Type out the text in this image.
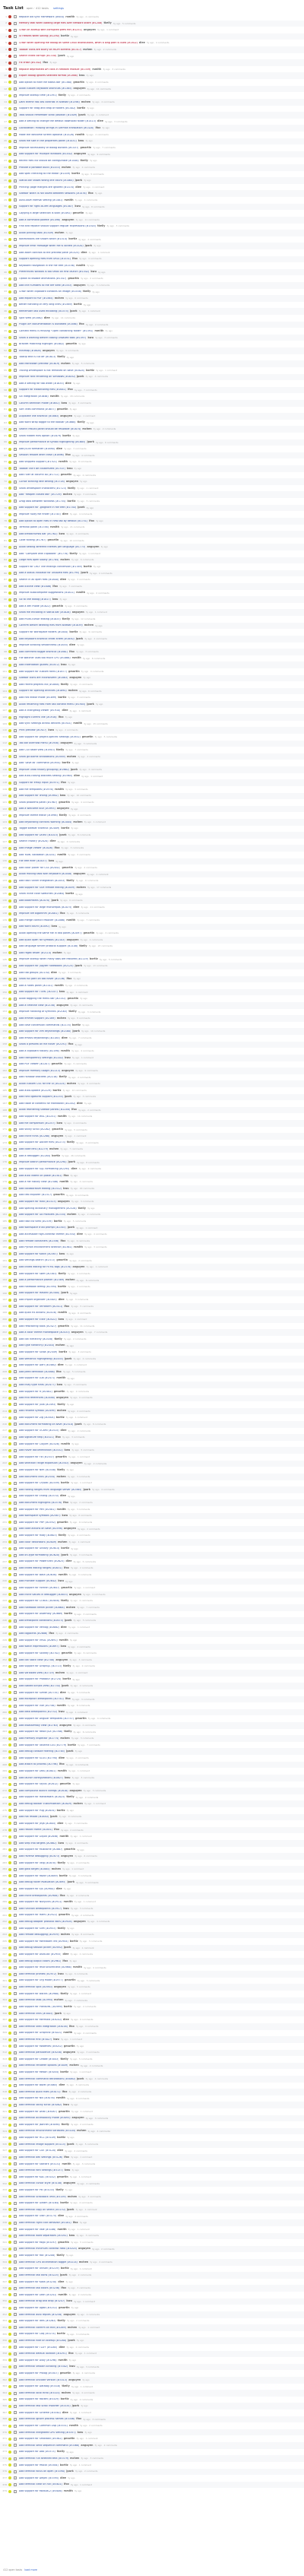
Task List open · 412 tasks settings
1	Replace old sync framework (#654) rsmith 3y ago · 2 comments
2	Memory leak when loading large files over network share (#1208) tkelly 3y ago · 5 comments
3	Crash on startup with corrupted prefs file (#1251) anguyen 3y ago · 1 comment
4	UI freezes when saving (#1290) bortiz 3y ago
5	Crash when opening file dialog on some Linux distributions, when a long path is used (#1302) dlee 3y ago · 4 comments
6	Toolbar icons are blurry on HiDPI screens (#1317) mchen 3y ago · 2 comments
7	Search index corrupt (#1330) jpark 3y ago
8	Fix crash (#1342) lfox 3y ago
9	Replace deprecated API calls in network module (#1359) rsmith 3y ago · 3 comments
10	Export dialog ignores selected format (#1366) kwu 3y ago
11	Add option to hide the status bar (#1380) gmartin 3y ago · 6 comments
12	Allow custom keyboard shortcuts (#1385) anguyen 3y ago · 12 comments
13	Improve startup time (#1391) tkelly 3y ago · 2 comments
14	Dark theme has low contrast in sidebar (#1398) mchen 3y ago · 4 comments
15	Support for drag and drop of folders (#1402) bortiz 3y ago
16	Tabs should remember scroll position (#1409) jpark 3y ago · 1 comment
17	Add a setting to change the default download folder (#1413) dlee 3y ago · 3 comments
18	Localization: missing strings in German translation (#1420) lfox 3y ago
19	Make the welcome screen optional (#1426) rsmith 3y ago · 2 comments
20	Show file size in the properties panel (#1431) kwu 3y ago
21	Improve accessibility of dialog buttons (#1437) gmartin 3y ago · 7 comments
22	Add support for multiple windows (#1442) anguyen 3y ago · 9 comments
23	Recent files list should be configurable (#1448) tkelly 3y ago
24	Provide a portable build (#1453) mchen 3y ago · 2 comments
25	Add spell checking to the editor (#1459) bortiz 3y ago · 5 comments
26	Status bar shows wrong line count (#1464) jpark 3y ago
27	Printing: page margins are ignored (#1470) dlee 3y ago · 1 comment
28	Sidebar width is not saved between sessions (#1476) lfox 3y ago
29	Auto-save interval setting (#1481) rsmith 3y ago · 4 comments
30	Support for right-to-left languages (#1487) kwu 3y ago · 8 comments
31	Copying a large selection is slow (#1492) gmartin 3y ago
32	Add a command palette (#1498) anguyen 3y ago · 11 comments
33	Find and replace should support regular expressions (#1503) tkelly 3y ago · 3 comments
34	Allow pinning tabs (#1509) mchen 3y ago
35	Notifications are shown twice (#1514) bortiz 3y ago · 2 comments
36	Improve error message when file is locked (#1520) jpark 3y ago
37	Add zoom controls to the preview pane (#1525) dlee 3y ago · 1 comment
38	Support opening files from URLs (#1531) lfox 3y ago · 4 comments
39	Keyboard navigation in the file tree (#1536) rsmith 3y ago
40	Preferences window is too small on first launch (#1542) kwu 3y ago
41	Option to disable animations (#1547) gmartin 3y ago · 2 comments
42	Add line numbers to the diff view (#1553) anguyen 3y ago · 3 comments
43	Crash when clipboard contains an image (#1558) tkelly 3y ago
44	Add export to PDF (#1564) mchen 3y ago · 6 comments
45	Better handling of very long lines (#1569) bortiz 3y ago
46	Remember last used encoding (#1575) jpark 3y ago · 1 comment
47	Split view (#1580) dlee 3y ago · 14 comments
48	Plugin API documentation is outdated (#1586) lfox 3y ago · 2 comments
49	Context menu is missing "Open containing folder" (#1591) rsmith 3y ago
50	Show a warning before closing unsaved tabs (#1597) kwu 3y ago · 3 comments
51	Bracket matching highlight (#1602) gmartin 3y ago
52	Minimap (#1608) anguyen 3y ago · 9 comments
53	Tooltip text is cut off (#1613) tkelly 3y ago
54	Add Markdown preview (#1619) mchen 3y ago · 5 comments
55	Trailing whitespace is not removed on save (#1624) bortiz 3y ago · 1 comment
56	Improve font rendering on Windows (#1630) jpark 3y ago · 4 comments
57	Add a setting for tab width (#1635) dlee 3y ago
58	Support for editorconfig files (#1641) lfox 3y ago · 7 comments
59	Git integration (#1646) rsmith 3y ago · 18 comments
60	Column selection mode (#1652) kwu 3y ago · 3 comments
61	Sort lines command (#1657) gmartin 3y ago
62	Duplicate line shortcut (#1663) anguyen 3y ago · 1 comment
63	Add word wrap toggle to the toolbar (#1668) tkelly 3y ago
64	Search results panel should be resizable (#1674) mchen 3y ago · 2 comments
65	Show hidden files option (#1679) bortiz 3y ago
66	Improve performance of syntax highlighting (#1685) jpark 3y ago · 6 comments
67	Add JSON formatter (#1690) dlee 3y ago · 3 comments
68	Session restore after crash (#1696) lfox 3y ago · 4 comments
69	Add snippets support (#1701) rsmith 3y ago · 8 comments
70	Toolbar can't be customized (#1707) kwu 3y ago
71	Add ruler at column 80 (#1712) gmartin 3y ago · 2 comments
72	Cursor blinking rate setting (#1718) anguyen 3y ago
73	Show whitespace characters (#1723) tkelly 3y ago · 1 comment
74	Add "Reopen closed tab" (#1729) mchen 3y ago · 3 comments
75	Drag tabs between windows (#1734) bortiz 3y ago · 5 comments
76	Add support for .gitignore in file tree (#1740) jpark 3y ago
77	Improve fuzzy file finder (#1745) dlee 3y ago · 4 comments
78	Add option to open files in new tab by default (#1751) lfox 3y ago
79	Terminal panel (#1756) rsmith 3y ago · 21 comments
80	Add breadcrumbs bar (#1762) kwu 3y ago · 2 comments
81	Code folding (#1767) gmartin 3y ago · 10 comments
82	Allow setting different themes per language (#1773) anguyen 3y ago
83	Add "Compare with clipboard" (#1778) tkelly 3y ago · 1 comment
84	Large files open slowly (#1784) mchen 3y ago · 6 comments
85	Support for CRLF line endings conversion (#1789) bortiz 3y ago
86	Add a status indicator for unsaved files (#1795) jpark 3y ago · 2 comments
87	Search in all open files (#1800) dlee 3y ago · 3 comments
88	Add outline view (#1806) lfox 3y ago · 7 comments
89	Improve autocomplete suggestions (#1811) rsmith 3y ago · 4 comments
90	Go to line dialog (#1817) kwu 3y ago
91	Add a zen mode (#1822) gmartin 3y ago · 5 comments
92	Show file encoding in status bar (#1828) anguyen 3y ago · 1 comment
93	Add multi-cursor editing (#1833) tkelly 3y ago · 12 comments
94	Confirm before deleting files from sidebar (#1839) mchen 3y ago
95	Support for workspace folders (#1844) bortiz 3y ago · 9 comments
96	Add keyboard shortcut cheat sheet (#1850) jpark 3y ago · 2 comments
97	Improve scrolling smoothness (#1855) dlee 3y ago
98	Add comment toggle shortcut (#1861) lfox 3y ago · 3 comments
99	File watcher uses too much CPU (#1866) rsmith 3y ago · 8 comments
100	Add indentation guides (#1872) kwu 3y ago
101	Add support for custom fonts (#1877) gmartin 3y ago · 4 comments
102	Sidebar icons are inconsistent (#1883) anguyen 3y ago
103	Add recent projects list (#1888) tkelly 3y ago · 2 comments
104	Support for opening archives (#1894) mchen 3y ago · 6 comments
105	Add hex editor mode (#1899) bortiz 3y ago · 3 comments
106	Allow renaming files from tab context menu (#1905) jpark 3y ago
107	Add a changelog viewer (#1910) dlee 3y ago · 1 comment
108	Highlight current line (#1916) lfox 3y ago
109	Add sync settings across devices (#1921) rsmith 3y ago · 15 comments
110	Print preview (#1927) kwu 3y ago · 2 comments
111	Add support for project-specific settings (#1932) gmartin 3y ago · 5 comments
112	Tab bar overflow menu (#1938) anguyen 3y ago · 3 comments
113	Add CSV table view (#1943) tkelly 3y ago · 7 comments
114	Show git blame annotations (#1949) mchen 3y ago · 4 comments
115	Add 'Save all' command (#1954) bortiz 3y ago
116	Improve undo history grouping (#1960) jpark 3y ago · 2 comments
117	Add auto-closing brackets setting (#1965) dlee 3y ago · 1 comment
118	Support for emoji input (#1971) lfox 3y ago
119	Add file templates (#1976) rsmith 3y ago · 3 comments
120	Add support for linting (#1982) kwu 3y ago · 10 comments
121	Show problems panel (#1987) gmartin 3y ago · 4 comments
122	Add a welcome tour (#1993) anguyen 3y ago
123	Improve theme editor (#1998) tkelly 3y ago · 6 comments
124	Add keybinding conflicts warning (#2004) mchen 3y ago · 1 comment
125	Toggle sidebar shortcut (#2009) bortiz 3y ago
126	Add support for LaTeX (#2015) jpark 3y ago · 8 comments
127	Search history (#2020) dlee 3y ago · 2 comments
128	Add image viewer (#2026) lfox 3y ago · 3 comments
129	Add YAML validation (#2031) rsmith 3y ago · 5 comments
130	File tree filter (#2037) kwu 3y ago
131	Add color picker for CSS (#2042) gmartin 3y ago · 4 comments
132	Allow moving tabs with keyboard (#2048) anguyen 3y ago · 1 comment
133	Add task runner integration (#2053) tkelly 3y ago · 9 comments
134	Add support for SSH remote editing (#2059) mchen 3y ago · 17 comments
135	Show inline color swatches (#2064) bortiz 3y ago
136	Add bookmarks (#2070) jpark 3y ago · 6 comments
137	Add support for large monorepos (#2075) dlee 3y ago · 11 comments
138	Improve diff algorithm (#2081) lfox 3y ago · 3 comments
139	Add merge conflict resolver (#2086) rsmith 3y ago · 7 comments
140	Add word count (#2092) kwu 3y ago
141	Allow opening the same file in two panes (#2097) gmartin 3y ago · 2 comments
142	Add quick open for symbols (#2103) anguyen 3y ago · 4 comments
143	Add language server protocol support (#2108) tkelly 3y ago · 23 comments
144	Add regex tester (#2114) mchen 3y ago
145	Improve startup when many tabs are restored (#2119) bortiz 3y ago · 5 comments
146	Add support for Jupyter notebooks (#2125) jpark 3y ago · 13 comments
147	Add tab groups (#2130) dlee 3y ago · 3 comments
148	Show full path on tab hover (#2136) lfox 3y ago
149	Add a notes panel (#2141) rsmith 3y ago · 2 comments
150	Add support for TOML (#2147) kwu 3y ago · 1 comment
151	Allow toggling the menu bar (#2152) gmartin 3y ago
152	Add a timeline view (#2158) anguyen 3y ago · 6 comments
153	Improve handling of symlinks (#2163) tkelly 3y ago · 3 comments
154	Add emmet support (#2169) mchen 3y ago · 8 comments
155	Add case conversion commands (#2174) bortiz 3y ago
156	Add support for vim keybindings (#2180) jpark 3y ago · 19 comments
157	Add emacs keybindings (#2185) dlee 3y ago · 7 comments
158	Show a preview on file hover (#2191) lfox 3y ago
159	Add a clipboard history (#2196) rsmith 3y ago · 4 comments
160	Add transparency settings (#2202) kwu 3y ago · 1 comment
161	Add PDF viewer (#2207) gmartin 3y ago · 5 comments
162	Improve memory usage (#2213) anguyen 3y ago · 9 comments
163	Add rainbow brackets (#2218) tkelly 3y ago · 2 comments
164	Allow custom CSS for the UI (#2224) mchen 3y ago · 6 comments
165	Add auto-update (#2229) bortiz 3y ago · 12 comments
166	Add font ligatures support (#2235) jpark 3y ago · 3 comments
167	Add table of contents for Markdown (#2240) dlee 3y ago
168	Allow reordering sidebar panels (#2246) lfox 3y ago · 2 comments
169	Add support for WSL (#2251) rsmith 3y ago · 14 comments
170	Add file comparison (#2257) kwu 3y ago · 4 comments
171	Add sticky scroll (#2262) gmartin 3y ago · 5 comments
172	Add inline hints (#2268) anguyen 3y ago · 1 comment
173	Add support for Docker files (#2273) tkelly 3y ago · 3 comments
174	Add code lens (#2279) mchen 3y ago · 7 comments
175	Add a debugger (#2284) bortiz 3y ago · 26 comments
176	Improve search performance (#2290) jpark 3y ago · 8 comments
177	Add support for SQL formatting (#2295) dlee 3y ago · 2 comments
178	Add auto indent on paste (#2301) lfox 3y ago
179	Add a file history view (#2306) rsmith 3y ago · 4 comments
180	Add collaborative editing (#2312) kwu 3y ago · 20 comments
181	Add test explorer (#2317) gmartin 3y ago · 6 comments
182	Add support for Rust (#2323) anguyen 3y ago · 3 comments
183	Add spelling dictionary management (#2328) tkelly 3y ago
184	Add support for Go modules (#2334) mchen 3y ago · 2 comments
185	Add task list view (#2339) bortiz 3y ago · 5 comments
186	Add workspace trust prompt (#2345) jpark 3y ago · 1 comment
187	Add accessible high-contrast theme (#2350) dlee 3y ago · 4 comments
188	Add remote containers (#2356) lfox 3y ago · 9 comments
189	Add Python environment selector (#2361) rsmith 3y ago · 3 comments
190	Add support for Kotlin (#2367) kwu 3y ago
191	Add settings search (#2372) gmartin 3y ago · 2 comments
192	Add linked editing for HTML tags (#2378) anguyen 3y ago · 1 comment
193	Add support for Swift (#2383) tkelly 3y ago · 4 comments
194	Add a performance profiler (#2389) mchen 3y ago · 8 comments
195	Add notebook diffing (#2394) bortiz 3y ago · 2 comments
196	Add support for Haskell (#2400) jpark 3y ago
197	Add import organizer (#2405) dlee 3y ago · 3 comments
198	Add support for Terraform (#2411) lfox 3y ago · 5 comments
199	Add quick fix actions (#2416) rsmith 3y ago · 6 comments
200	Add support for Elixir (#2422) kwu 3y ago · 1 comment
201	Add refactoring tools (#2427) gmartin 3y ago · 11 comments
202	Add a color theme marketplace (#2433) anguyen 3y ago · 7 comments
203	Add call hierarchy (#2438) tkelly 3y ago · 2 comments
204	Add type hierarchy (#2444) mchen 3y ago
205	Add support for Scala (#2449) bortiz 3y ago · 3 comments
206	Add semantic highlighting (#2455) jpark 3y ago · 4 comments
207	Add support for Dart (#2460) dlee 3y ago · 1 comment
208	Add peek definition (#2466) lfox 3y ago · 5 comments
209	Add support for Lua (#2471) rsmith 3y ago
210	Add inlay type hints (#2477) kwu 3y ago · 3 comments
211	Add support for R (#2482) gmartin 3y ago · 2 comments
212	Add find references (#2488) anguyen 3y ago · 6 comments
213	Add support for Julia (#2493) tkelly 3y ago
214	Add rename symbol (#2499) mchen 3y ago · 4 comments
215	Add support for Zig (#2504) bortiz 3y ago · 1 comment
216	Add document formatting on save (#2510) jpark 3y ago · 8 comments
217	Add support for OCaml (#2515) dlee 3y ago · 2 comments
218	Add signature help (#2521) lfox 3y ago · 3 comments
219	Add support for Clojure (#2526) rsmith 3y ago
220	Add hover documentation (#2532) kwu 3y ago · 5 comments
221	Add support for F# (#2537) gmartin 3y ago · 1 comment
222	Add selection range expansion (#2543) anguyen 3y ago · 2 comments
223	Add support for Nim (#2548) tkelly 3y ago
224	Add document links (#2554) mchen 3y ago · 3 comments
225	Add support for Crystal (#2559) bortiz 3y ago · 1 comment
226	Add folding ranges from language server (#2565) jpark 3y ago · 4 comments
227	Add support for Erlang (#2570) dlee 3y ago
228	Add document highlights (#2576) lfox 3y ago · 2 comments
229	Add support for Perl (#2581) rsmith 3y ago · 3 comments
230	Add workspace symbols (#2587) kwu 3y ago · 6 comments
231	Add support for PHP (#2592) gmartin 3y ago · 9 comments
232	Add code actions on save (#2598) anguyen 3y ago · 2 comments
233	Add support for Ruby (#2603) tkelly 3y ago · 4 comments
234	Add color decorators (#2609) mchen 3y ago · 1 comment
235	Add support for Groovy (#2614) bortiz 3y ago
236	Add on-type formatting (#2620) jpark 3y ago · 3 comments
237	Add support for PowerShell (#2625) dlee 3y ago · 5 comments
238	Add linked editing ranges (#2631) lfox 3y ago · 2 comments
239	Add support for Bash (#2636) rsmith 3y ago · 3 comments
240	Add moniker support (#2642) kwu 3y ago
241	Add support for Fortran (#2647) gmartin 3y ago · 1 comment
242	Add inline values in debugger (#2653) anguyen 3y ago · 4 comments
243	Add support for COBOL (#2658) tkelly 3y ago · 2 comments
244	Add notebook kernel picker (#2664) mchen 3y ago · 7 comments
245	Add support for Assembly (#2669) bortiz 3y ago · 3 comments
246	Add breakpoint conditions (#2675) jpark 3y ago · 5 comments
247	Add support for Verilog (#2680) dlee 3y ago · 1 comment
248	Add logpoints (#2686) lfox 3y ago · 2 comments
249	Add support for VHDL (#2691) rsmith 3y ago
250	Add watch expressions (#2697) kwu 3y ago · 4 comments
251	Add support for Solidity (#2702) gmartin 3y ago · 6 comments
252	Add call stack view (#2708) anguyen 3y ago · 3 comments
253	Add support for GraphQL (#2713) tkelly 3y ago · 2 comments
254	Add variables view (#2719) mchen 3y ago · 1 comment
255	Add support for Protobuf (#2724) bortiz 3y ago
256	Add loaded scripts view (#2730) jpark 3y ago · 2 comments
257	Add support for Svelte (#2735) dlee 3y ago · 5 comments
258	Add exception breakpoints (#2741) lfox 3y ago · 3 comments
259	Add support for Vue (#2746) rsmith 3y ago · 8 comments
260	Add data breakpoints (#2752) kwu 3y ago · 1 comment
261	Add support for Angular templates (#2757) gmartin 3y ago · 4 comments
262	Add disassembly view (#2763) anguyen 3y ago · 2 comments
263	Add support for React JSX (#2768) tkelly 3y ago · 6 comments
264	Add memory inspector (#2774) mchen 3y ago · 3 comments
265	Add support for Tailwind CSS (#2779) bortiz 3y ago · 7 comments
266	Add debug console filtering (#2785) jpark 3y ago
267	Add support for SCSS (#2790) dlee 3y ago · 2 comments
268	Add attach to process (#2796) lfox 3y ago · 4 comments
269	Add support for Less (#2801) rsmith 3y ago · 1 comment
270	Add launch configurations (#2807) kwu 3y ago · 5 comments
271	Add support for Stylus (#2812) gmartin 3y ago
272	Add compound launch configs (#2818) anguyen 3y ago · 3 comments
273	Add support for Handlebars (#2823) tkelly 3y ago · 2 comments
274	Add debug toolbar customization (#2829) mchen 3y ago · 1 comment
275	Add support for Pug (#2834) bortiz 3y ago
276	Add hot reload (#2840) jpark 3y ago · 9 comments
277	Add support for Jinja (#2845) dlee 3y ago · 3 comments
278	Add restart frame (#2851) lfox 3y ago · 2 comments
279	Add support for Liquid (#2856) rsmith 3y ago · 1 comment
280	Add step into targets (#2862) kwu 3y ago · 4 comments
281	Add support for Mustache (#2867) gmartin 3y ago
282	Add reverse debugging (#2873) anguyen 3y ago · 6 comments
283	Add support for Twig (#2878) tkelly 3y ago · 2 comments
284	Add goto target (#2884) mchen 3y ago · 1 comment
285	Add support for Razor (#2889) bortiz 3y ago · 3 comments
286	Add debug hover evaluation (#2895) jpark 3y ago · 5 comments
287	Add support for EJS (#2900) dlee 3y ago
288	Add inline breakpoints (#2906) lfox 3y ago · 2 comments
289	Add support for Nunjucks (#2911) rsmith 3y ago · 1 comment
290	Add function breakpoints (#2917) kwu 3y ago · 3 comments
291	Add support for Haml (#2922) gmartin 3y ago · 2 comments
292	Add debug adapter protocol docs (#2928) anguyen 3y ago · 4 comments
293	Add support for Slim (#2933) tkelly 3y ago
294	Add remote debugging (#2939) mchen 3y ago · 8 comments
295	Add support for Markdown lint (#2944) bortiz 3y ago · 3 comments
296	Add debug session picker (#2950) jpark 3y ago · 1 comment
297	Add support for AsciiDoc (#2955) dlee 3y ago · 2 comments
298	Add debug output colors (#2961) lfox 3y ago
299	Add support for reStructuredText (#2966) rsmith 3y ago · 4 comments
300	Add terminal profiles (#2972) kwu 3y ago · 6 comments
301	Add support for Org mode (#2977) gmartin 3y ago · 3 comments
302	Add terminal split (#2983) anguyen 3y ago · 5 comments
303	Add support for BibTeX (#2988) tkelly 3y ago · 1 comment
304	Add terminal tabs (#2994) mchen 3y ago · 7 comments
305	Add support for PlantUML (#2999) bortiz 3y ago · 2 comments
306	Add terminal links (#3005) jpark 3y ago
307	Add support for Mermaid (#3010) dlee 3y ago · 9 comments
308	Add terminal shell integration (#3016) lfox 3y ago · 4 comments
309	Add support for Graphviz (#3021) rsmith 3y ago · 2 comments
310	Add terminal find (#3027) kwu 3y ago · 1 comment
311	Add support for Makefiles (#3032) gmartin 3y ago
312	Add terminal persistence (#3038) anguyen 3y ago · 3 comments
313	Add support for CMake (#3043) tkelly 3y ago · 5 comments
314	Add terminal renderer options (#3049) mchen 3y ago · 2 comments
315	Add support for Meson (#3054) bortiz 3y ago · 1 comment
316	Add terminal command decorations (#3060) jpark 3y ago · 4 comments
317	Add support for Bazel (#3065) dlee 3y ago · 3 comments
318	Add terminal quick fixes (#3071) lfox 3y ago · 2 comments
319	Add support for Nix (#3076) rsmith 3y ago · 6 comments
320	Add terminal sticky scroll (#3082) kwu 3y ago
321	Add support for Dhall (#3087) gmartin 3y ago · 1 comment
322	Add terminal accessibility mode (#3093) anguyen 3y ago · 3 comments
323	Add support for Jsonnet (#3098) tkelly 3y ago · 2 comments
324	Add terminal environment variables (#3104) mchen 3y ago · 4 comments
325	Add support for HCL (#3109) bortiz 3y ago
326	Add terminal image support (#3115) jpark 3y ago · 5 comments
327	Add support for CUE (#3120) dlee 3y ago · 2 comments
328	Add terminal bell settings (#3126) lfox 3y ago · 1 comment
329	Add support for Starlark (#3131) rsmith 3y ago · 3 comments
330	Add terminal font settings (#3137) kwu 3y ago
331	Add support for KDL (#3142) gmartin 3y ago · 1 comment
332	Add terminal cursor style (#3148) anguyen 3y ago · 2 comments
333	Add support for Pkl (#3153) tkelly 3y ago
334	Add terminal scrollback limit (#3159) mchen 3y ago · 3 comments
335	Add support for Gleam (#3164) bortiz 3y ago · 4 comments
336	Add terminal copy on select (#3170) jpark 3y ago · 1 comment
337	Add support for Odin (#3175) dlee 3y ago · 2 comments
338	Add terminal right click behavior (#3181) lfox 3y ago
339	Add support for Vale (#3186) rsmith 3y ago · 1 comment
340	Add terminal word separators (#3192) kwu 3y ago · 3 comments
341	Add support for Mojo (#3197) gmartin 3y ago · 5 comments
342	Add terminal minimum contrast ratio (#3203) anguyen 3y ago · 2 comments
343	Add support for Roc (#3208) tkelly 3y ago
344	Add terminal GPU acceleration toggle (#3214) mchen 3y ago · 4 comments
345	Add support for Unison (#3219) bortiz 3y ago · 1 comment
346	Add terminal tab icons (#3225) jpark 3y ago · 2 comments
347	Add support for Koka (#3230) dlee 3y ago
348	Add terminal tab colors (#3236) lfox 3y ago · 3 comments
349	Add support for Lean (#3241) rsmith 3y ago · 2 comments
350	Add terminal drag and drop (#3247) kwu 3y ago · 1 comment
351	Add support for Agda (#3252) gmartin 3y ago
352	Add terminal auto replies (#3258) anguyen 3y ago · 4 comments
353	Add support for Idris (#3263) tkelly 3y ago · 2 comments
354	Add terminal confirm on exit (#3269) mchen 3y ago · 1 comment
355	Add support for Coq (#3274) bortiz 3y ago · 3 comments
356	Add terminal hide on startup (#3280) jpark 3y ago
357	Add support for TLA+ (#3285) dlee 3y ago · 2 comments
358	Add terminal default location (#3291) lfox 3y ago · 1 comment
359	Add support for Alloy (#3296) rsmith 3y ago
360	Add terminal smooth scrolling (#3302) kwu 3y ago · 3 comments
361	Add support for Prolog (#3307) gmartin 3y ago · 2 comments
362	Add terminal unicode version (#3313) anguyen 3y ago
363	Add support for Datalog (#3318) tkelly 3y ago · 1 comment
364	Add terminal local echo (#3324) mchen 3y ago · 4 comments
365	Add support for Racket (#3329) bortiz 3y ago · 2 comments
366	Add terminal fast scroll modifier (#3335) jpark 3y ago
367	Add support for Scheme (#3340) dlee 3y ago · 1 comment
368	Add terminal ignore process names (#3346) lfox 3y ago · 3 comments
369	Add support for Common Lisp (#3351) rsmith 3y ago · 2 comments
370	Add terminal integrated GPU setting (#3357) kwu 3y ago
371	Add support for Smalltalk (#3362) gmartin 3y ago · 1 comment
372	Add terminal send sequence command (#3368) anguyen 3y ago · 2 comments
373	Add support for Ada (#3373) tkelly 3y ago
374	Add terminal run selected text (#3379) mchen 3y ago · 3 comments
375	Add support for Pascal (#3384) bortiz 3y ago · 1 comment
376	Add terminal focus on open (#3390) jpark 3y ago · 2 comments
377	Add support for Delphi (#3395) dlee 3y ago
378	Add terminal clear on run (#3401) lfox 3y ago · 1 comment
379	Add support for Modula-2 (#3406) rsmith 3y ago
412 open tasks load more
